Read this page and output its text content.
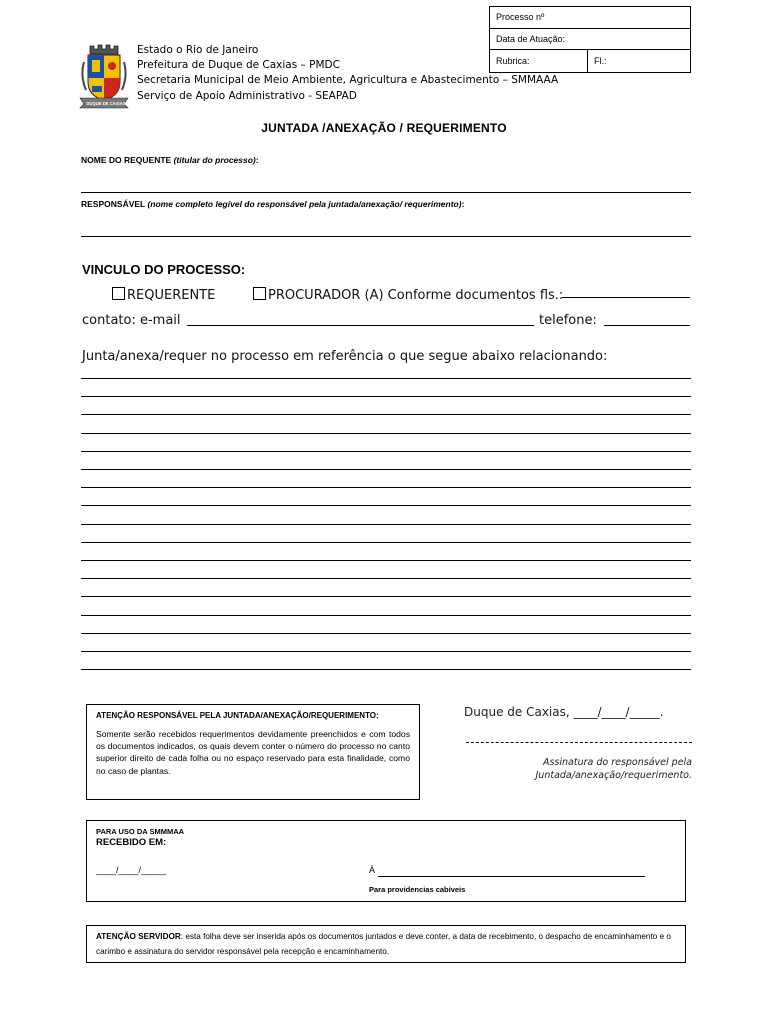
Processo nº
Data de Atuação:
Rubrica:	Fl.:
DUQUE DE CAXIAS
Estado o Rio de Janeiro
Prefeitura de Duque de Caxias – PMDC
Secretaria Municipal de Meio Ambiente, Agricultura e Abastecimento – SMMAAA
Serviço de Apoio Administrativo - SEAPAD
JUNTADA /ANEXAÇÃO / REQUERIMENTO
NOME DO REQUENTE (titular do processo):
RESPONSÁVEL (nome completo legível do responsável pela juntada/anexação/ requerimento):
VINCULO DO PROCESSO:
REQUERENTE	PROCURADOR (A) Conforme documentos fls.:
contato: e-mail	telefone:
Junta/anexa/requer no processo em referência o que segue abaixo relacionando:
ATENÇÃO RESPONSÁVEL PELA JUNTADA/ANEXAÇÃO/REQUERIMENTO:
Somente serão recebidos requerimentos devidamente preenchidos e com todos os documentos indicados, os quais devem conter o número do processo no canto superior direito de cada folha ou no espaço reservado para esta finalidade, como no caso de plantas.
Duque de Caxias, ____/____/_____.
Assinatura do responsável pela
Juntada/anexação/requerimento.
PARA USO DA SMMMAA
RECEBIDO EM:
____/____/_____	À
Para providencias cabíveis
ATENÇÃO SERVIDOR: esta folha deve ser inserida após os documentos juntados e deve conter, a data de recebimento, o despacho de encaminhamento e o carimbo e assinatura do servidor responsável pela recepção e encaminhamento.
